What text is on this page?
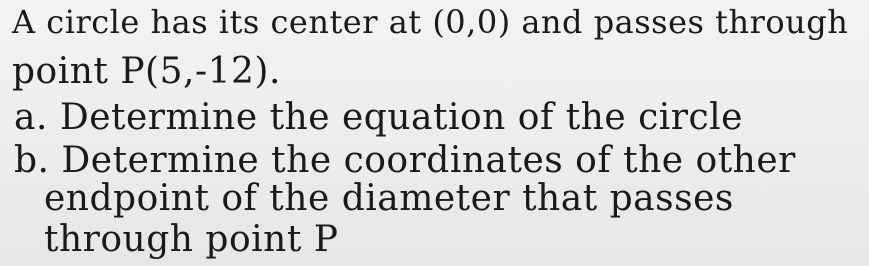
A circle has its center at (0,0) and passes through
point P(5,-12).
a. Determine the equation of the circle
b. Determine the coordinates of the other
endpoint of the diameter that passes
through point P
